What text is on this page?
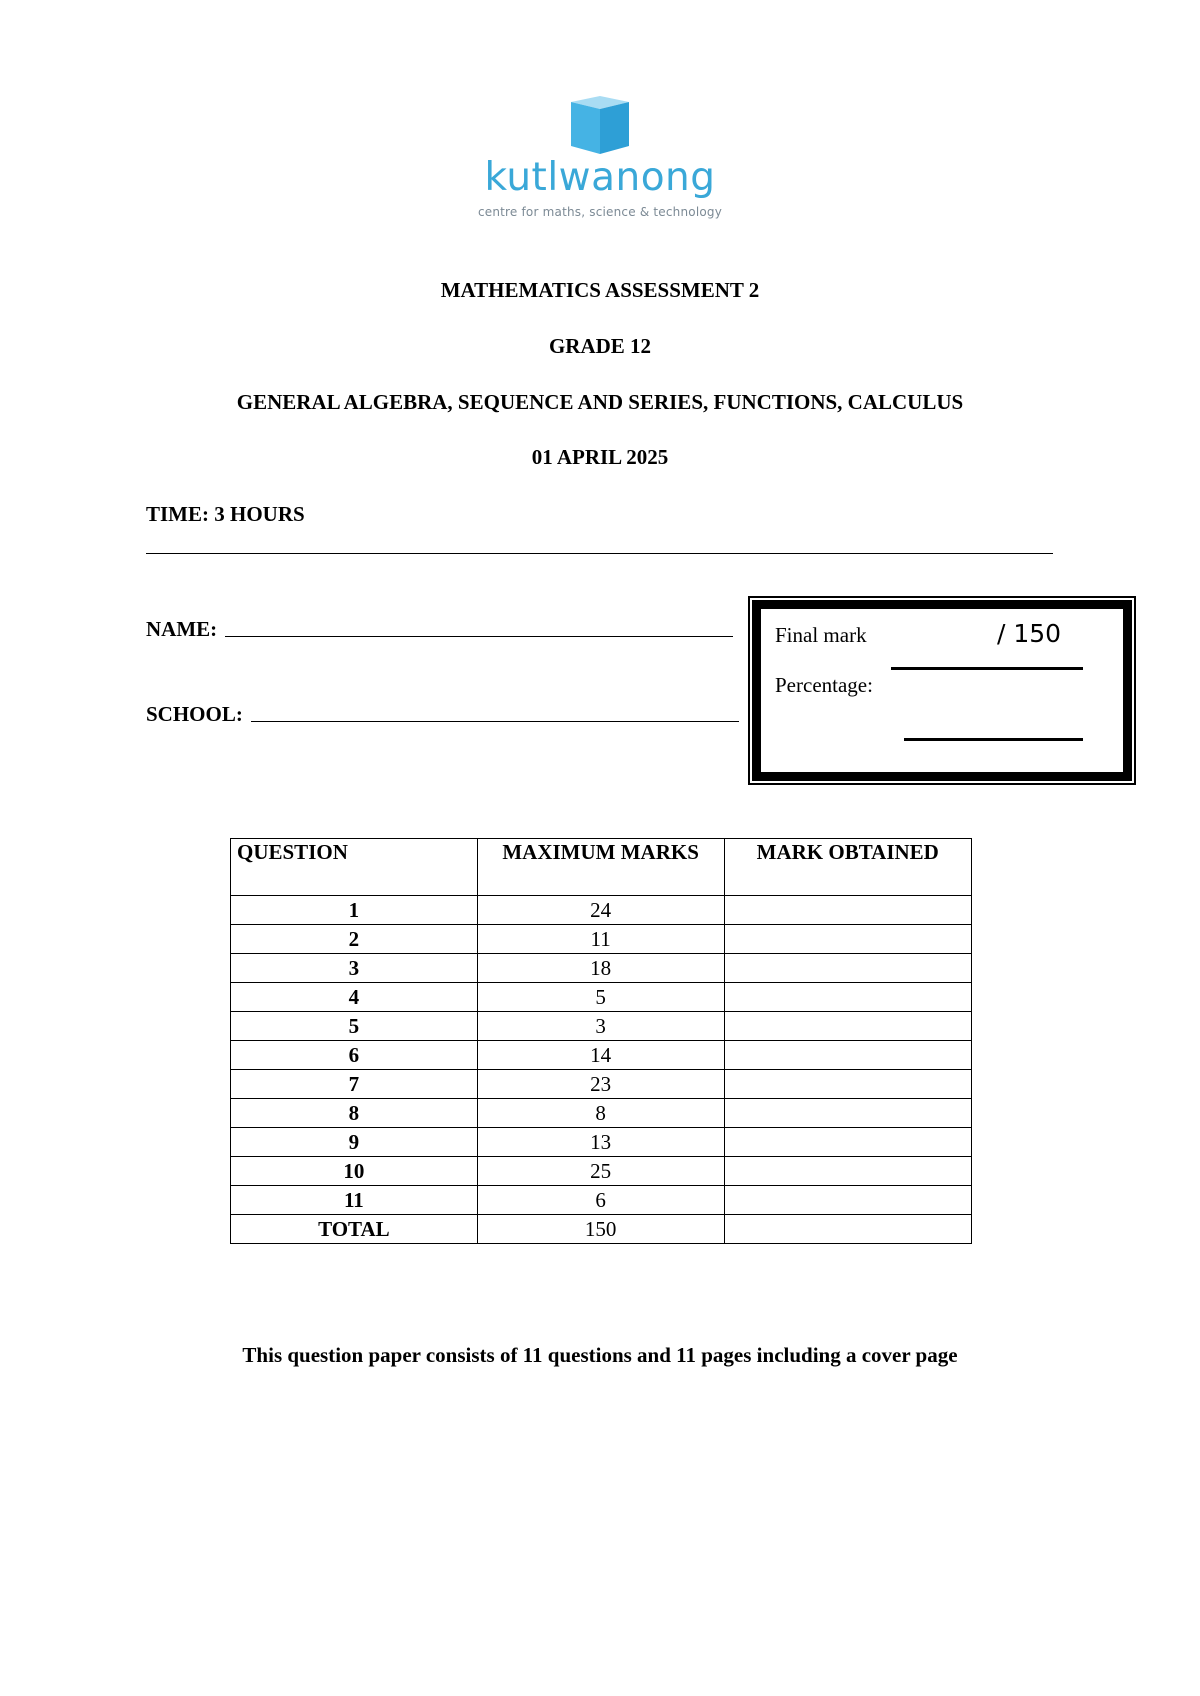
kutlwanong
centre for maths, science & technology
MATHEMATICS ASSESSMENT 2
GRADE 12
GENERAL ALGEBRA, SEQUENCE AND SERIES, FUNCTIONS, CALCULUS
01 APRIL 2025
TIME: 3 HOURS
NAME:
SCHOOL:
Final mark	/ 150
Percentage:
QUESTION	MAXIMUM MARKS	MARK OBTAINED
1	24	
2	11	
3	18	
4	5	
5	3	
6	14	
7	23	
8	8	
9	13	
10	25	
11	6	
TOTAL	150	
This question paper consists of 11 questions and 11 pages including a cover page
